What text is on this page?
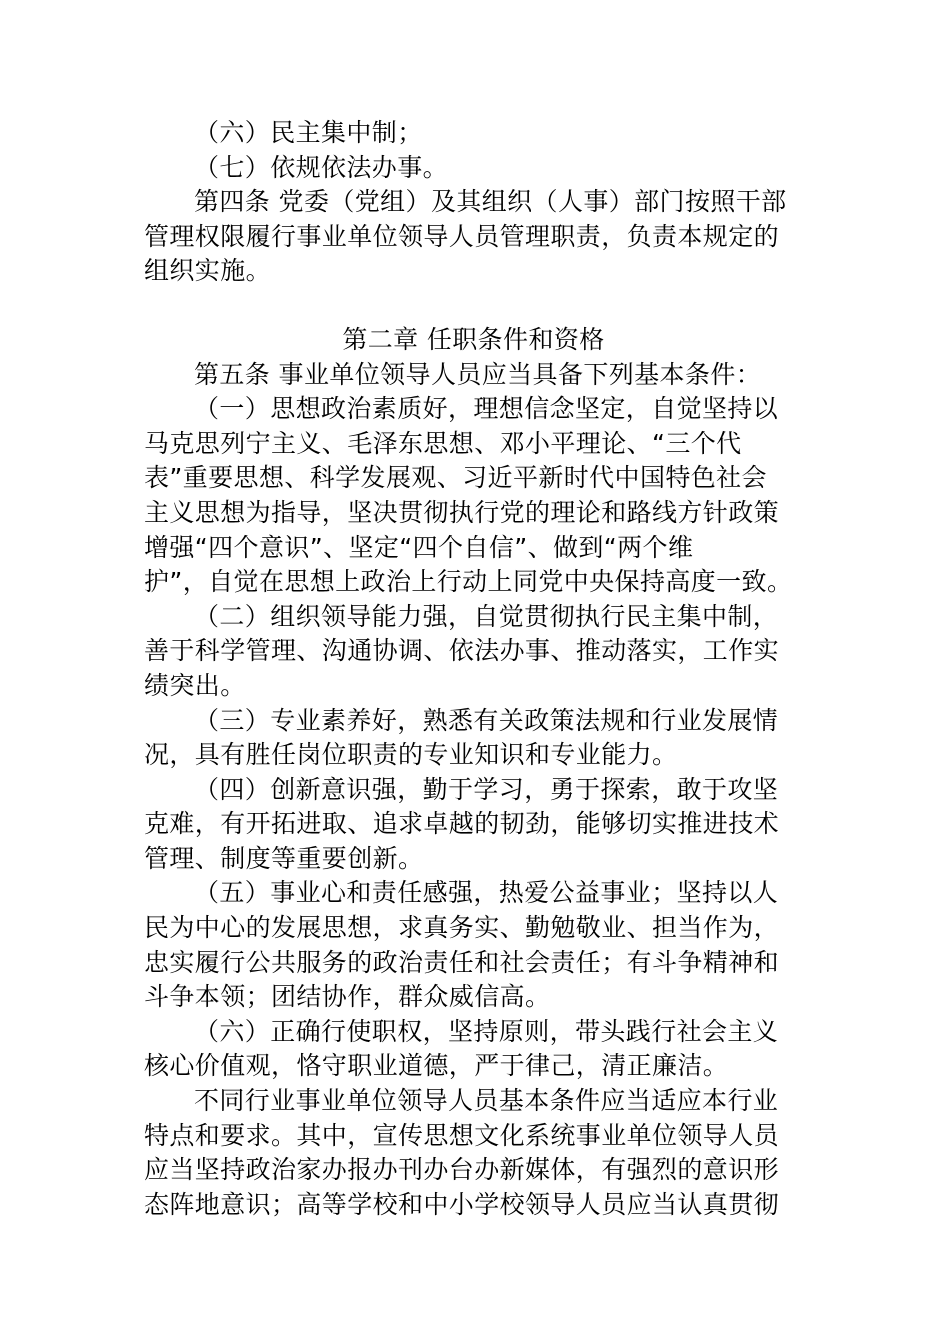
（六）民主集中制；
（七）依规依法办事。
第四条 党委（党组）及其组织（人事）部门按照干部
管理权限履行事业单位领导人员管理职责，负责本规定的
组织实施。
第二章 任职条件和资格
第五条 事业单位领导人员应当具备下列基本条件：
（一）思想政治素质好，理想信念坚定，自觉坚持以
马克思列宁主义、毛泽东思想、邓小平理论、“三个代
表”重要思想、科学发展观、习近平新时代中国特色社会
主义思想为指导，坚决贯彻执行党的理论和路线方针政策
增强“四个意识”、坚定“四个自信”、做到“两个维
护”，自觉在思想上政治上行动上同党中央保持高度一致。
（二）组织领导能力强，自觉贯彻执行民主集中制，
善于科学管理、沟通协调、依法办事、推动落实，工作实
绩突出。
（三）专业素养好，熟悉有关政策法规和行业发展情
况，具有胜任岗位职责的专业知识和专业能力。
（四）创新意识强，勤于学习，勇于探索，敢于攻坚
克难，有开拓进取、追求卓越的韧劲，能够切实推进技术
管理、制度等重要创新。
（五）事业心和责任感强，热爱公益事业；坚持以人
民为中心的发展思想，求真务实、勤勉敬业、担当作为，
忠实履行公共服务的政治责任和社会责任；有斗争精神和
斗争本领；团结协作，群众威信高。
（六）正确行使职权，坚持原则，带头践行社会主义
核心价值观，恪守职业道德，严于律己，清正廉洁。
不同行业事业单位领导人员基本条件应当适应本行业
特点和要求。其中，宣传思想文化系统事业单位领导人员
应当坚持政治家办报办刊办台办新媒体，有强烈的意识形
态阵地意识；高等学校和中小学校领导人员应当认真贯彻
